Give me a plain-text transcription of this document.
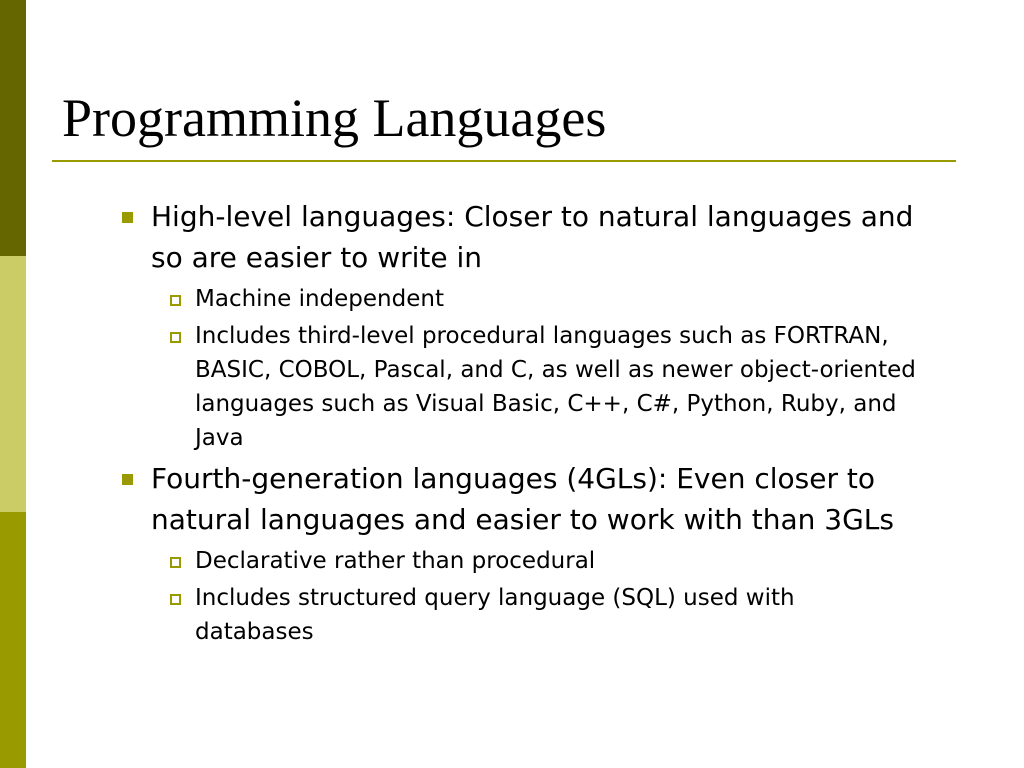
Programming Languages
High-level languages: Closer to natural languages and so are easier to write in
Machine independent
Includes third-level procedural languages such as FORTRAN, BASIC, COBOL, Pascal, and C, as well as newer object-oriented languages such as Visual Basic, C++, C#, Python, Ruby, and Java
Fourth-generation languages (4GLs): Even closer to natural languages and easier to work with than 3GLs
Declarative rather than procedural
Includes structured query language (SQL) used with databases
